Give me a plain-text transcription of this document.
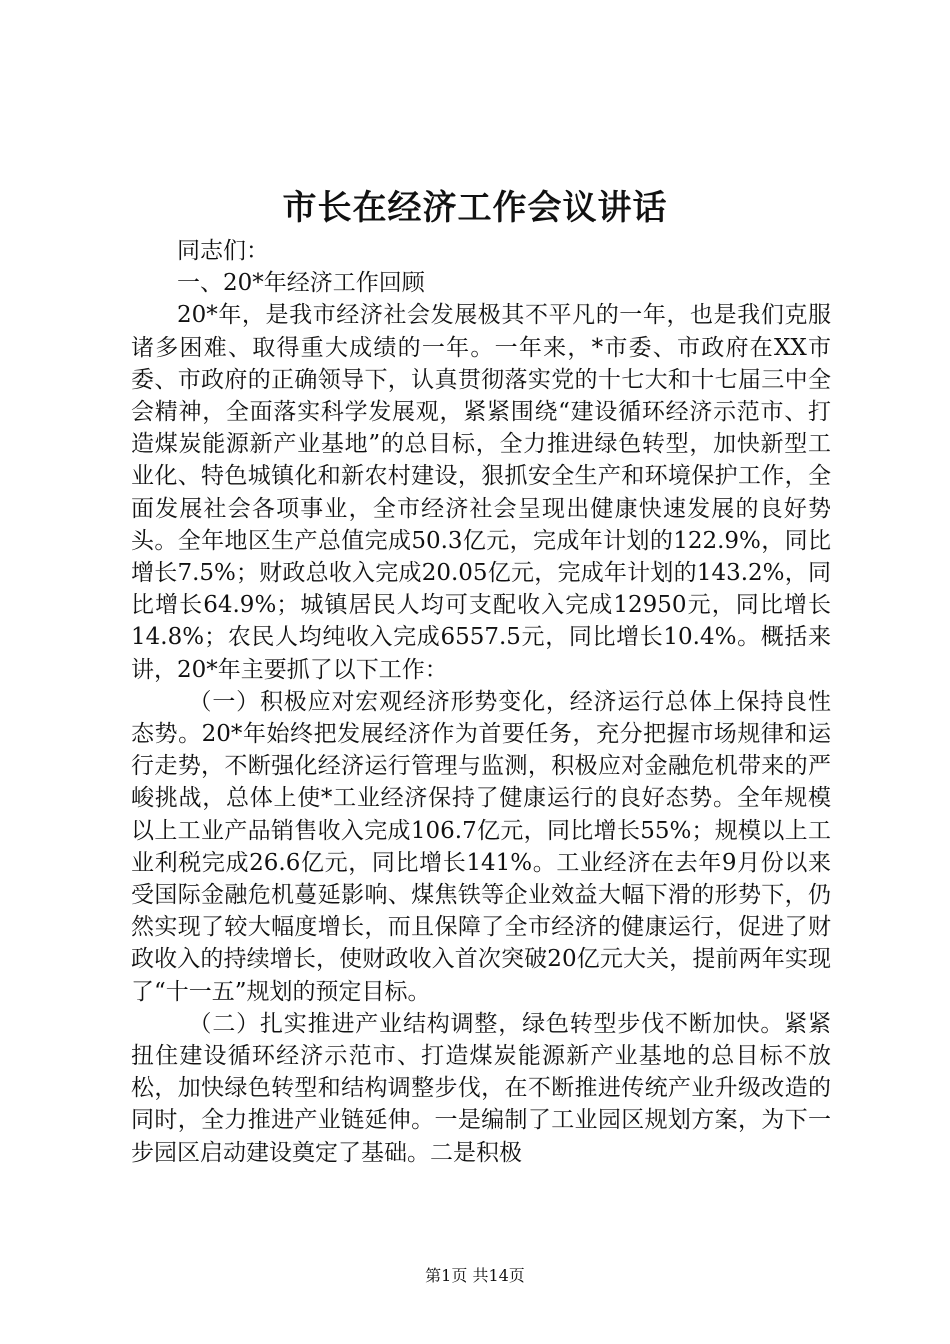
市长在经济工作会议讲话

同志们：

一、20*年经济工作回顾

20*年，是我市经济社会发展极其不平凡的一年，也是我们克服诸多困难、取得重大成绩的一年。一年来，*市委、市政府在XX市委、市政府的正确领导下，认真贯彻落实党的十七大和十七届三中全会精神，全面落实科学发展观，紧紧围绕“建设循环经济示范市、打造煤炭能源新产业基地”的总目标，全力推进绿色转型，加快新型工业化、特色城镇化和新农村建设，狠抓安全生产和环境保护工作，全面发展社会各项事业，全市经济社会呈现出健康快速发展的良好势头。全年地区生产总值完成50.3亿元，完成年计划的122.9%，同比增长7.5%；财政总收入完成20.05亿元，完成年计划的143.2%，同比增长64.9%；城镇居民人均可支配收入完成12950元，同比增长14.8%；农民人均纯收入完成6557.5元，同比增长10.4%。概括来讲，20*年主要抓了以下工作：

（一）积极应对宏观经济形势变化，经济运行总体上保持良性态势。20*年始终把发展经济作为首要任务，充分把握市场规律和运行走势，不断强化经济运行管理与监测，积极应对金融危机带来的严峻挑战，总体上使*工业经济保持了健康运行的良好态势。全年规模以上工业产品销售收入完成106.7亿元，同比增长55%；规模以上工业利税完成26.6亿元，同比增长141%。工业经济在去年9月份以来受国际金融危机蔓延影响、煤焦铁等企业效益大幅下滑的形势下，仍然实现了较大幅度增长，而且保障了全市经济的健康运行，促进了财政收入的持续增长，使财政收入首次突破20亿元大关，提前两年实现了“十一五”规划的预定目标。

（二）扎实推进产业结构调整，绿色转型步伐不断加快。紧紧扭住建设循环经济示范市、打造煤炭能源新产业基地的总目标不放松，加快绿色转型和结构调整步伐，在不断推进传统产业升级改造的同时，全力推进产业链延伸。一是编制了工业园区规划方案，为下一步园区启动建设奠定了基础。二是积极

第1页 共14页
